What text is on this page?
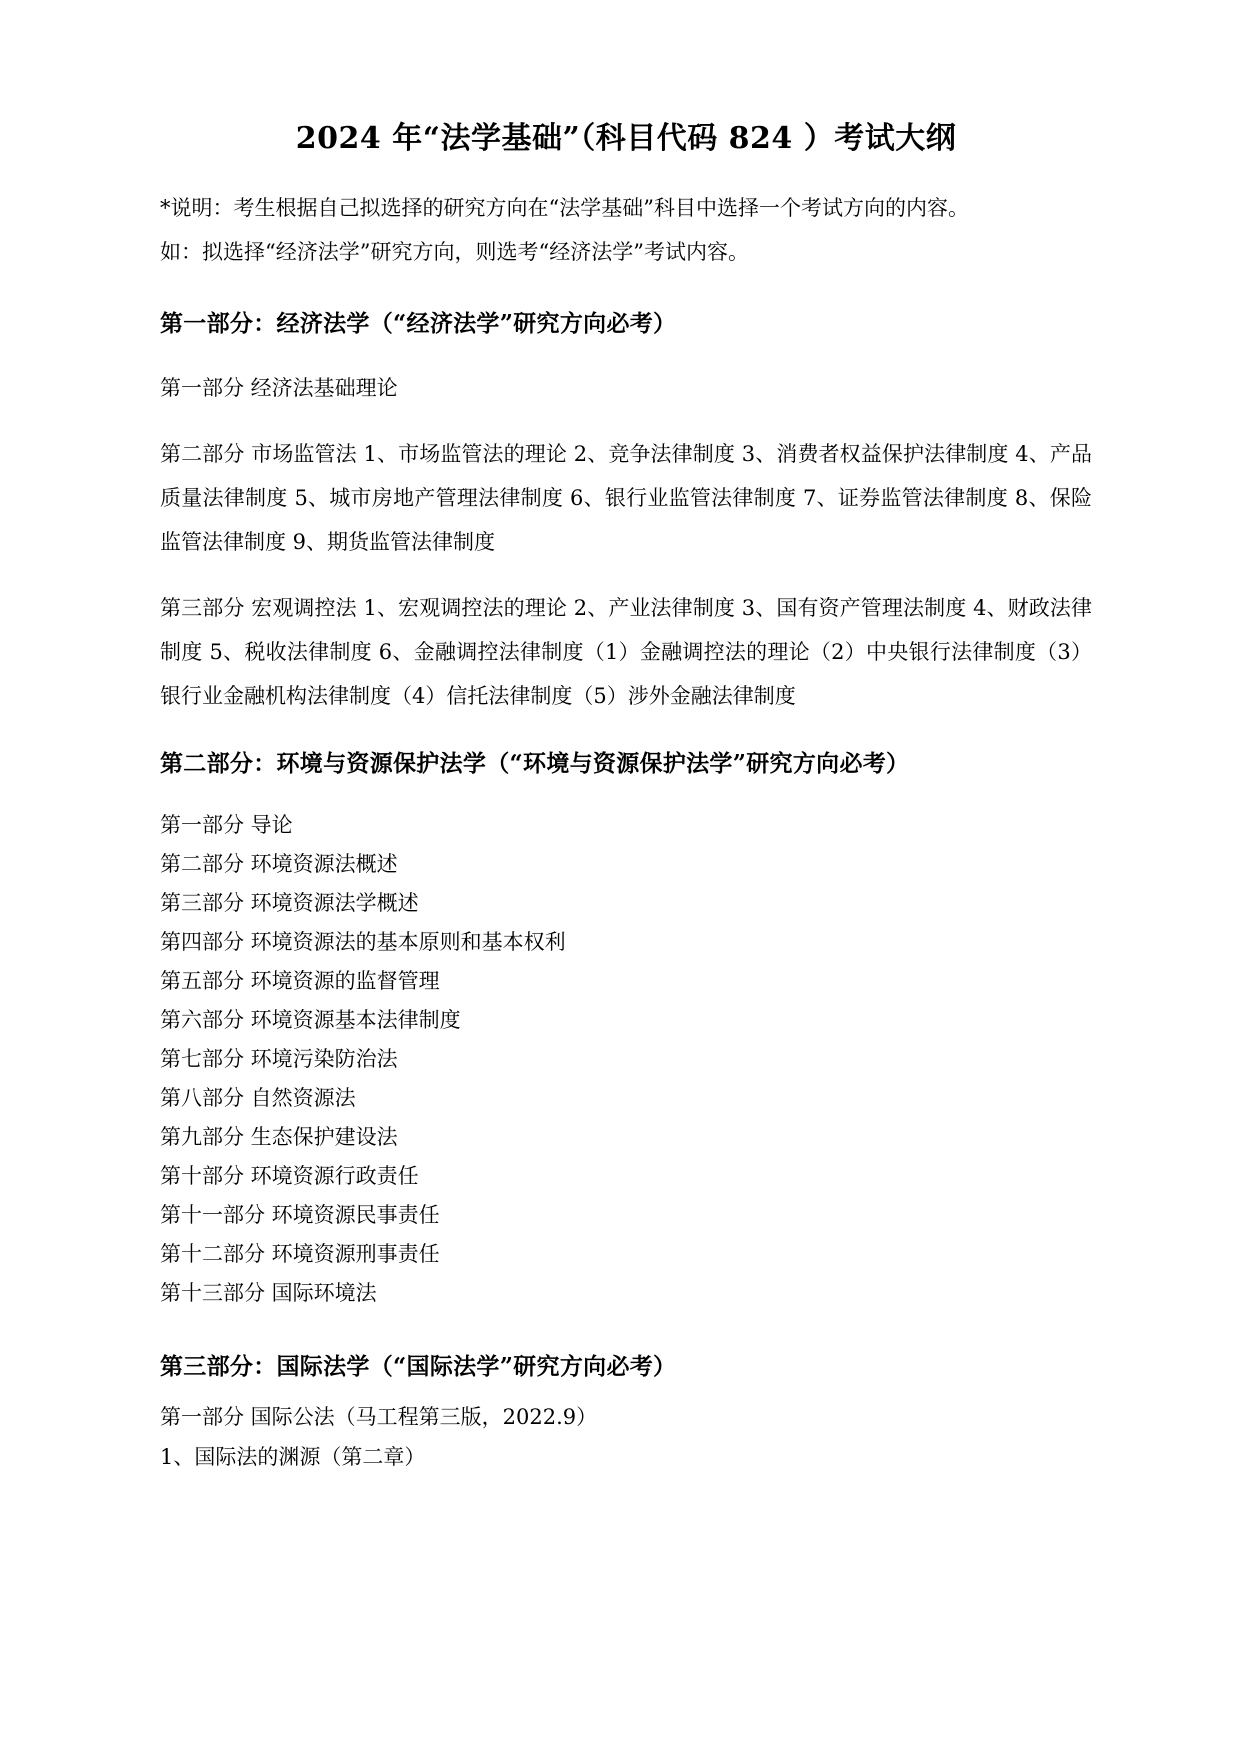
2024 年“法学基础”（科目代码 824 ）考试大纲

*说明：考生根据自己拟选择的研究方向在“法学基础”科目中选择一个考试方向的内容。
如：拟选择“经济法学”研究方向，则选考“经济法学”考试内容。

第一部分：经济法学（“经济法学”研究方向必考）

第一部分 经济法基础理论

第二部分 市场监管法 1、市场监管法的理论 2、竞争法律制度 3、消费者权益保护法律制度 4、产品质量法律制度 5、城市房地产管理法律制度 6、银行业监管法律制度 7、证券监管法律制度 8、保险监管法律制度 9、期货监管法律制度

第三部分 宏观调控法 1、宏观调控法的理论 2、产业法律制度 3、国有资产管理法制度 4、财政法律制度 5、税收法律制度 6、金融调控法律制度（1）金融调控法的理论（2）中央银行法律制度（3）银行业金融机构法律制度（4）信托法律制度（5）涉外金融法律制度

第二部分：环境与资源保护法学（“环境与资源保护法学”研究方向必考）

第一部分 导论

第二部分 环境资源法概述

第三部分 环境资源法学概述

第四部分 环境资源法的基本原则和基本权利

第五部分 环境资源的监督管理

第六部分 环境资源基本法律制度

第七部分 环境污染防治法

第八部分 自然资源法

第九部分 生态保护建设法

第十部分 环境资源行政责任

第十一部分 环境资源民事责任

第十二部分 环境资源刑事责任

第十三部分 国际环境法

第三部分：国际法学（“国际法学”研究方向必考）

第一部分 国际公法（马工程第三版，2022.9）

1、国际法的渊源（第二章）
